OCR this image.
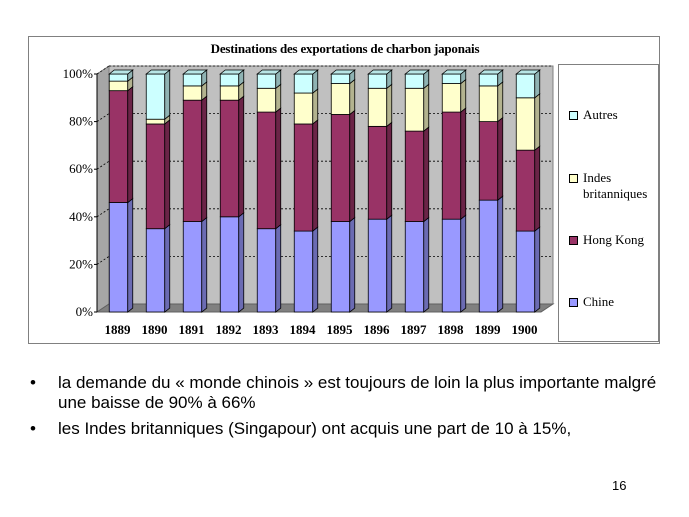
0%
20%
40%
60%
80%
100%
1889 1890 1891 1892 1893 1894 1895 1896 1897 1898 1899 1900
Destinations des exportations de charbon japonais
Autres
Indes britanniques
Hong Kong
Chine
• la demande du « monde chinois » est toujours de loin la plus importante malgré une baisse de 90% à 66%
• les Indes britanniques (Singapour) ont acquis une part de 10 à 15%,
16
